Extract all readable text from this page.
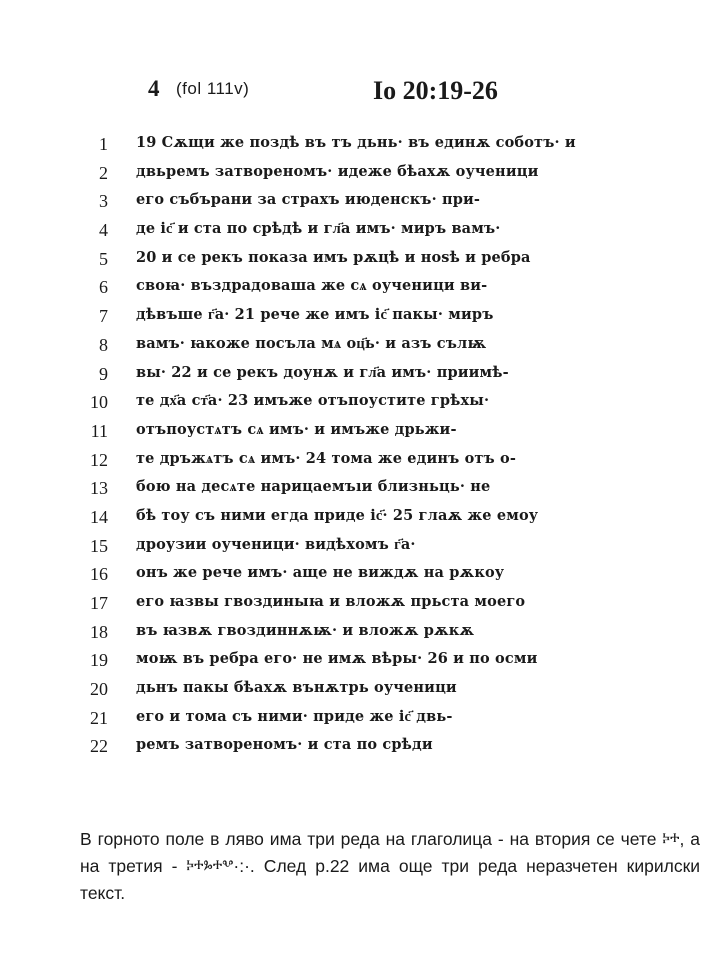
4 (fol 111v)	Io 20:19-26
1 19 Сѫщи же поздѣ въ тъ дьнь· въ единѫ соботъ· и
2 двьремъ затвореномъ· идеже бѣахѫ оученици
3 его събърани за страхъ июденскъ· при-
4 де іс҃ и ста по срѣдѣ и гл҃а имъ· миръ вамъ·
5 20 и се рекъ показа имъ рѫцѣ и ноѕѣ и ребра
6 своꙗ· въздрадоваша же сѧ оученици ви-
7 дѣвъше г҃а· 21 рече же имъ іс҃ пакы· миръ
8 вамъ· ꙗкоже посъла мѧ оц҃ь· и азъ сълѭ
9 вы· 22 и се рекъ доунѫ и гл҃а имъ· приимѣ-
10 те дх҃а ст҃а· 23 имъже отъпоустите грѣхы·
11 отъпоустѧтъ сѧ имъ· и имъже дрьжи-
12 те дръжѧтъ сѧ имъ· 24 тома же единъ отъ о-
13 бою на десѧте нарицаемъıи близньць· не
14 бѣ тоу съ ними егда приде іс҃· 25 глаѫ же емоу
15 дроузии оученици· видѣхомъ г҃а·
16 онъ же рече имъ· аще не виждѫ на рѫкоу
17 его ꙗзвы гвоздиныꙗ и вложѫ прьста моего
18 въ ꙗзвѫ гвоздиннѫѭ· и вложѫ рѫкѫ
19 моѭ въ ребра его· не имѫ вѣры· 26 и по осми
20 дьнъ пакы бѣахѫ вънѫтрь оученици
21 его и тома съ ними· приде же іс҃ двь-
22 ремъ затвореномъ· и ста по срѣди

В горното поле в ляво има три реда на глаголица - на втория се чете ⰽⰰ, а на третия - ⰽⰰⰳⰰⰲ·:·. След р.22 има още три реда неразчетен кирилски текст.
